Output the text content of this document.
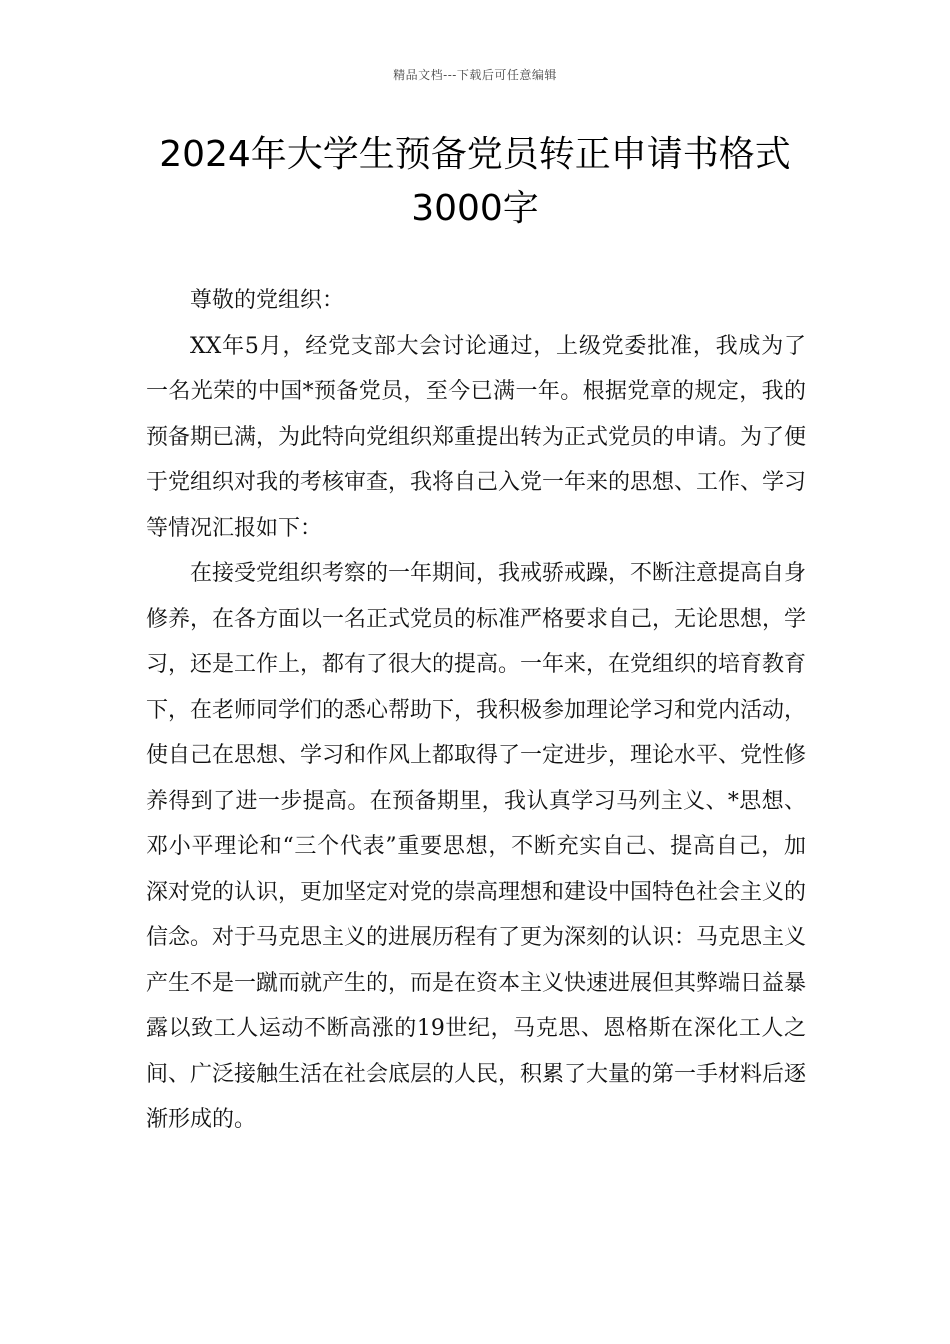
精品文档---下载后可任意编辑
2024年大学生预备党员转正申请书格式
3000字

尊敬的党组织：

XX年5月，经党支部大会讨论通过，上级党委批准，我成为了一名光荣的中国*预备党员，至今已满一年。根据党章的规定，我的预备期已满，为此特向党组织郑重提出转为正式党员的申请。为了便于党组织对我的考核审查，我将自己入党一年来的思想、工作、学习等情况汇报如下：

在接受党组织考察的一年期间，我戒骄戒躁，不断注意提高自身修养，在各方面以一名正式党员的标准严格要求自己，无论思想，学习，还是工作上，都有了很大的提高。一年来，在党组织的培育教育下，在老师同学们的悉心帮助下，我积极参加理论学习和党内活动，使自己在思想、学习和作风上都取得了一定进步，理论水平、党性修养得到了进一步提高。在预备期里，我认真学习马列主义、*思想、邓小平理论和“三个代表”重要思想，不断充实自己、提高自己，加深对党的认识，更加坚定对党的崇高理想和建设中国特色社会主义的信念。对于马克思主义的进展历程有了更为深刻的认识：马克思主义产生不是一蹴而就产生的，而是在资本主义快速进展但其弊端日益暴露以致工人运动不断高涨的19世纪，马克思、恩格斯在深化工人之间、广泛接触生活在社会底层的人民，积累了大量的第一手材料后逐渐形成的。
